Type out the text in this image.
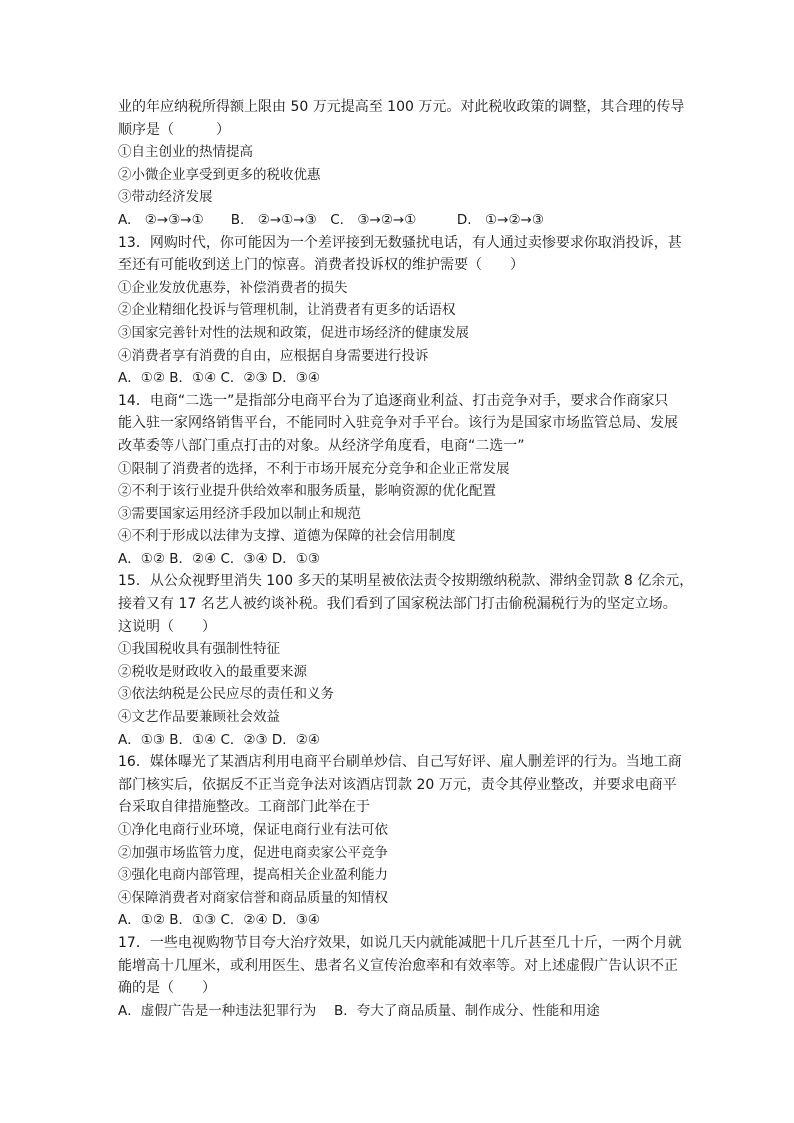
业的年应纳税所得额上限由 50 万元提高至 100 万元。对此税收政策的调整，其合理的传导
顺序是（　　　）
①自主创业的热情提高
②小微企业享受到更多的税收优惠
③带动经济发展
A.　②→③→①　　B.　②→①→③　C.　③→②→①　　　D.　①→②→③
13．网购时代，你可能因为一个差评接到无数骚扰电话，有人通过卖惨要求你取消投诉，甚
至还有可能收到送上门的惊喜。消费者投诉权的维护需要（　　）
①企业发放优惠券，补偿消费者的损失
②企业精细化投诉与管理机制，让消费者有更多的话语权
③国家完善针对性的法规和政策，促进市场经济的健康发展
④消费者享有消费的自由，应根据自身需要进行投诉
A．①② B．①④ C．②③ D．③④
14．电商“二选一”是指部分电商平台为了追逐商业利益、打击竞争对手，要求合作商家只
能入驻一家网络销售平台，不能同时入驻竞争对手平台。该行为是国家市场监管总局、发展
改革委等八部门重点打击的对象。从经济学角度看，电商“二选一”
①限制了消费者的选择，不利于市场开展充分竞争和企业正常发展
②不利于该行业提升供给效率和服务质量，影响资源的优化配置
③需要国家运用经济手段加以制止和规范
④不利于形成以法律为支撑、道德为保障的社会信用制度
A．①② B．②④ C．③④ D．①③
15．从公众视野里消失 100 多天的某明星被依法责令按期缴纳税款、滞纳金罚款 8 亿余元，
接着又有 17 名艺人被约谈补税。我们看到了国家税法部门打击偷税漏税行为的坚定立场。
这说明（　　）
①我国税收具有强制性特征
②税收是财政收入的最重要来源
③依法纳税是公民应尽的责任和义务
④文艺作品要兼顾社会效益
A．①③ B．①④ C．②③ D．②④
16．媒体曝光了某酒店利用电商平台刷单炒信、自己写好评、雇人删差评的行为。当地工商
部门核实后，依据反不正当竞争法对该酒店罚款 20 万元，责令其停业整改，并要求电商平
台采取自律措施整改。工商部门此举在于
①净化电商行业环境，保证电商行业有法可依
②加强市场监管力度，促进电商卖家公平竞争
③强化电商内部管理，提高相关企业盈利能力
④保障消费者对商家信誉和商品质量的知情权
A．①② B．①③ C．②④ D．③④
17．一些电视购物节目夸大治疗效果，如说几天内就能减肥十几斤甚至几十斤，一两个月就
能增高十几厘米，或利用医生、患者名义宣传治愈率和有效率等。对上述虚假广告认识不正
确的是（　　）
A．虚假广告是一种违法犯罪行为　 B．夸大了商品质量、制作成分、性能和用途
